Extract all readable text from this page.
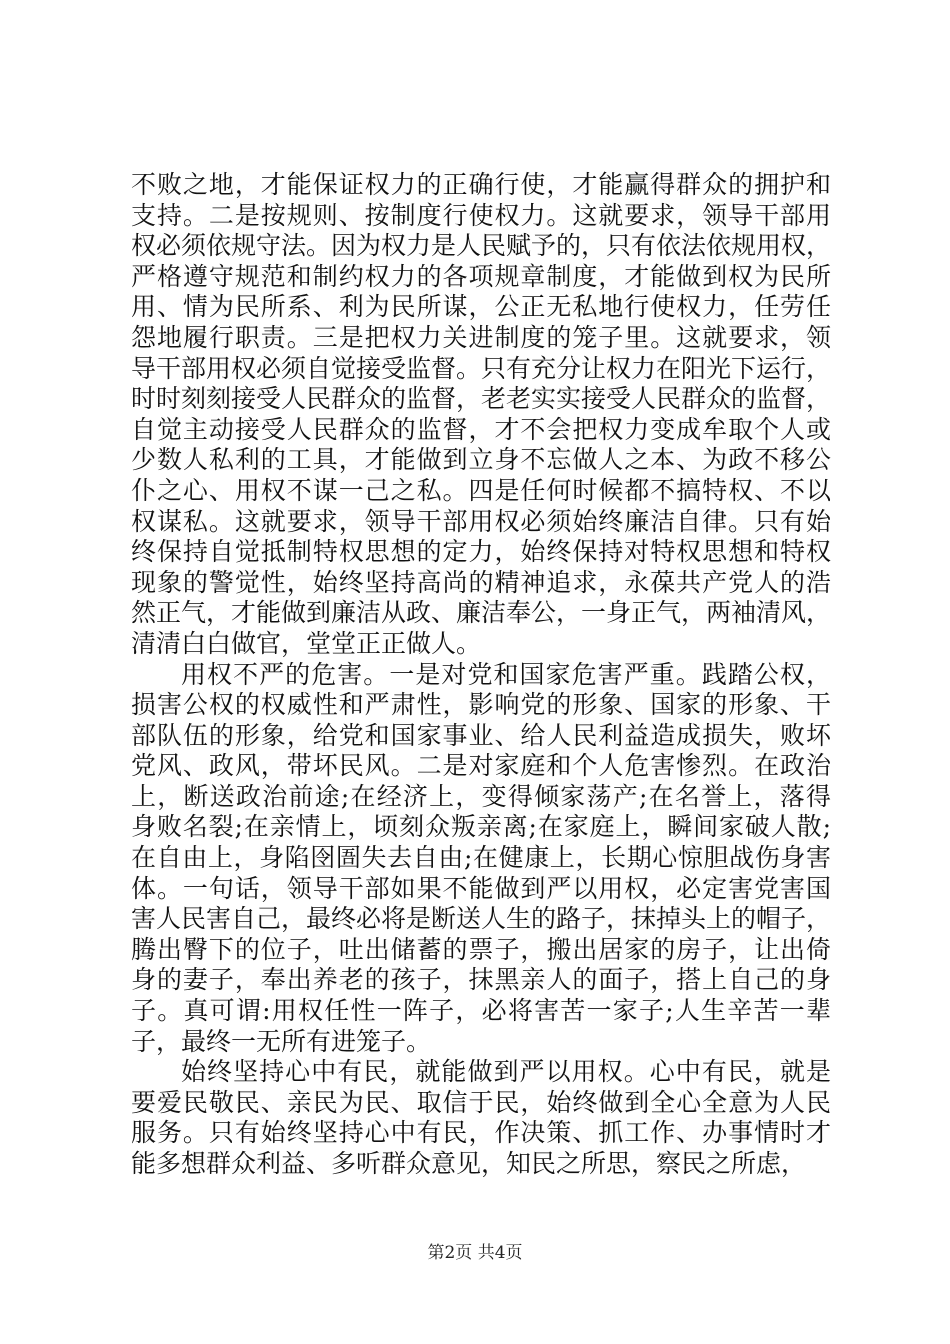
不败之地，才能保证权力的正确行使，才能赢得群众的拥护和
支持。二是按规则、按制度行使权力。这就要求，领导干部用
权必须依规守法。因为权力是人民赋予的，只有依法依规用权，
严格遵守规范和制约权力的各项规章制度，才能做到权为民所
用、情为民所系、利为民所谋，公正无私地行使权力，任劳任
怨地履行职责。三是把权力关进制度的笼子里。这就要求，领
导干部用权必须自觉接受监督。只有充分让权力在阳光下运行，
时时刻刻接受人民群众的监督，老老实实接受人民群众的监督，
自觉主动接受人民群众的监督，才不会把权力变成牟取个人或
少数人私利的工具，才能做到立身不忘做人之本、为政不移公
仆之心、用权不谋一己之私。四是任何时候都不搞特权、不以
权谋私。这就要求，领导干部用权必须始终廉洁自律。只有始
终保持自觉抵制特权思想的定力，始终保持对特权思想和特权
现象的警觉性，始终坚持高尚的精神追求，永葆共产党人的浩
然正气，才能做到廉洁从政、廉洁奉公，一身正气，两袖清风，
清清白白做官，堂堂正正做人。
用权不严的危害。一是对党和国家危害严重。践踏公权，
损害公权的权威性和严肃性，影响党的形象、国家的形象、干
部队伍的形象，给党和国家事业、给人民利益造成损失，败坏
党风、政风，带坏民风。二是对家庭和个人危害惨烈。在政治
上，断送政治前途;在经济上，变得倾家荡产;在名誉上，落得
身败名裂;在亲情上，顷刻众叛亲离;在家庭上，瞬间家破人散;
在自由上，身陷囹圄失去自由;在健康上，长期心惊胆战伤身害
体。一句话，领导干部如果不能做到严以用权，必定害党害国
害人民害自己，最终必将是断送人生的路子，抹掉头上的帽子，
腾出臀下的位子，吐出储蓄的票子，搬出居家的房子，让出倚
身的妻子，奉出养老的孩子，抹黑亲人的面子，搭上自己的身
子。真可谓:用权任性一阵子，必将害苦一家子;人生辛苦一辈
子，最终一无所有进笼子。
始终坚持心中有民，就能做到严以用权。心中有民，就是
要爱民敬民、亲民为民、取信于民，始终做到全心全意为人民
服务。只有始终坚持心中有民，作决策、抓工作、办事情时才
能多想群众利益、多听群众意见，知民之所思，察民之所虑，
第2页 共4页
